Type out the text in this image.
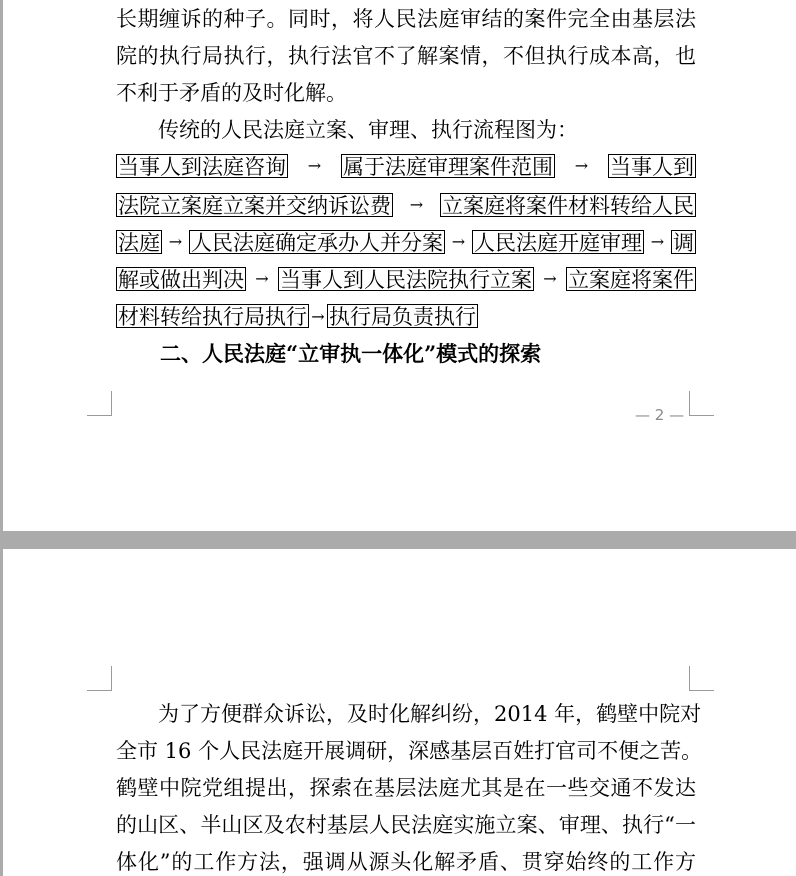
长期缠诉的种子。同时，将人民法庭审结的案件完全由基层法
院的执行局执行，执行法官不了解案情，不但执行成本高，也
不利于矛盾的及时化解。
传统的人民法庭立案、审理、执行流程图为：
当事人到法庭咨询 → 属于法庭审理案件范围 → 当事人到
法院立案庭立案并交纳诉讼费 → 立案庭将案件材料转给人民
法庭 → 人民法庭确定承办人并分案 → 人民法庭开庭审理 → 调
解或做出判决 → 当事人到人民法院执行立案 → 立案庭将案件
材料转给执行局执行 → 执行局负责执行
二、人民法庭“立审执一体化”模式的探索
— 2 —
为了方便群众诉讼，及时化解纠纷，2014 年，鹤壁中院对
全市 16 个人民法庭开展调研，深感基层百姓打官司不便之苦。
鹤壁中院党组提出，探索在基层法庭尤其是在一些交通不发达
的山区、半山区及农村基层人民法庭实施立案、审理、执行“一
体化”的工作方法，强调从源头化解矛盾、贯穿始终的工作方
